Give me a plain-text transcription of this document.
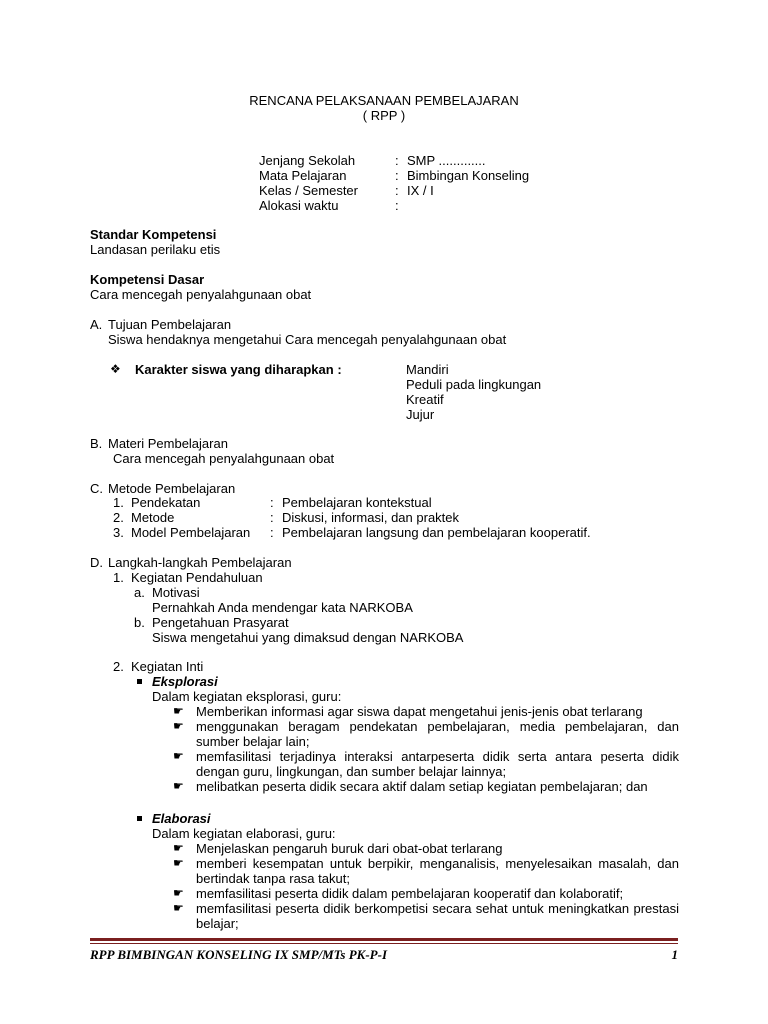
RENCANA PELAKSANAAN PEMBELAJARAN
( RPP )
Jenjang Sekolah	: SMP .............
Mata Pelajaran	: Bimbingan Konseling
Kelas / Semester	: IX / I
Alokasi waktu	:
Standar Kompetensi
Landasan perilaku etis
Kompetensi Dasar
Cara mencegah penyalahgunaan obat
A. Tujuan Pembelajaran
Siswa hendaknya mengetahui Cara mencegah penyalahgunaan obat
❖ Karakter siswa yang diharapkan :	Mandiri
Peduli pada lingkungan
Kreatif
Jujur
B. Materi Pembelajaran
Cara mencegah penyalahgunaan obat
C. Metode Pembelajaran
1. Pendekatan	: Pembelajaran kontekstual
2. Metode	: Diskusi, informasi, dan praktek
3. Model Pembelajaran : Pembelajaran langsung dan pembelajaran kooperatif.
D. Langkah-langkah Pembelajaran
1. Kegiatan Pendahuluan
a. Motivasi
Pernahkah Anda mendengar kata NARKOBA
b. Pengetahuan Prasyarat
Siswa mengetahui yang dimaksud dengan NARKOBA
2. Kegiatan Inti
Eksplorasi
Dalam kegiatan eksplorasi, guru:
☛ Memberikan informasi agar siswa dapat mengetahui jenis-jenis obat terlarang
☛ menggunakan beragam pendekatan pembelajaran, media pembelajaran, dan sumber belajar lain;
☛ memfasilitasi terjadinya interaksi antarpeserta didik serta antara peserta didik dengan guru, lingkungan, dan sumber belajar lainnya;
☛ melibatkan peserta didik secara aktif dalam setiap kegiatan pembelajaran; dan
Elaborasi
Dalam kegiatan elaborasi, guru:
☛ Menjelaskan pengaruh buruk dari obat-obat terlarang
☛ memberi kesempatan untuk berpikir, menganalisis, menyelesaikan masalah, dan bertindak tanpa rasa takut;
☛ memfasilitasi peserta didik dalam pembelajaran kooperatif dan kolaboratif;
☛ memfasilitasi peserta didik berkompetisi secara sehat untuk meningkatkan prestasi belajar;
RPP BIMBINGAN KONSELING IX SMP/MTs PK-P-I	1
